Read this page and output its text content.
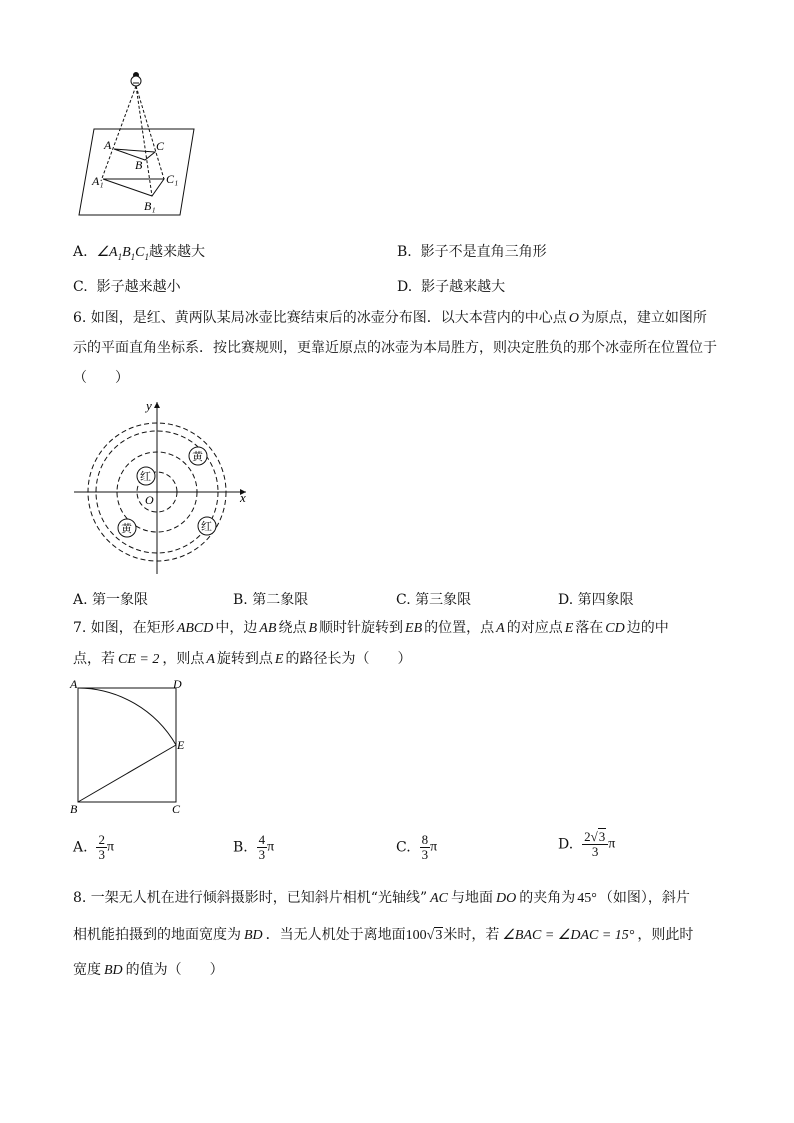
A	C
B
A₁	C₁
B₁
A. $\angle A_1B_1C_1$越来越大	B. 影子不是直角三角形
C. 影子越来越小	D. 影子越来越大
6. 如图，是红、黄两队某局冰壶比赛结束后的冰壶分布图．以大本营内的中心点 O 为原点，建立如图所
示的平面直角坐标系．按比赛规则，更靠近原点的冰壶为本局胜方，则决定胜负的那个冰壶所在位置位于
（　　）
红
黄
黄	红
y
x
O
A. 第一象限	B. 第二象限	C. 第三象限	D. 第四象限
7. 如图，在矩形 ABCD 中，边 AB 绕点 B 顺时针旋转到 EB 的位置，点 A 的对应点 E 落在 CD 边的中
点，若 CE = 2 ，则点 A 旋转到点 E 的路径长为（　　）
A	D
E
B	C
A. $\frac{2}{3}$ π	B. $\frac{4}{3}$ π	C. $\frac{8}{3}$ π	D. $\frac{2√3}{3}$ π
8. 一架无人机在进行倾斜摄影时，已知斜片相机“光轴线” AC 与地面 DO 的夹角为 45° （如图），斜片
相机能拍摄到的地面宽度为 BD ．当无人机处于离地面100√3米时，若 ∠BAC = ∠DAC = 15° ，则此时
宽度 BD 的值为（　　）
